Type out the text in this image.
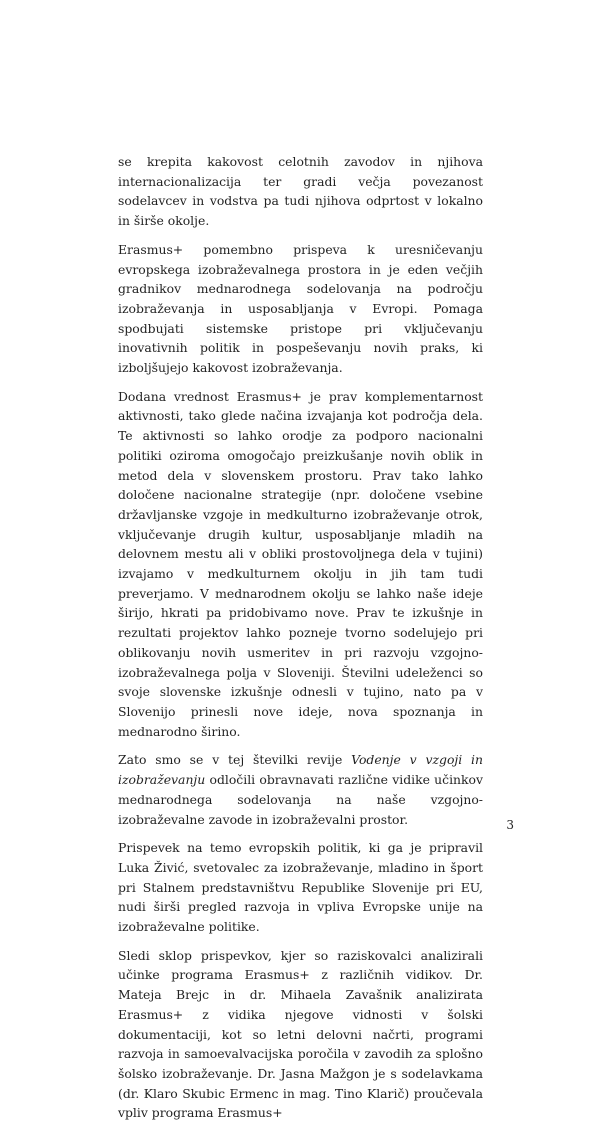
se krepita kakovost celotnih zavodov in njihova internacionalizacija ter gradi večja povezanost sodelavcev in vodstva pa tudi njihova odprtost v lokalno in širše okolje.

Erasmus+ pomembno prispeva k uresničevanju evropskega izobraževalnega prostora in je eden večjih gradnikov mednarodnega sodelovanja na področju izobraževanja in usposabljanja v Evropi. Pomaga spodbujati sistemske pristope pri vključevanju inovativnih politik in pospeševanju novih praks, ki izboljšujejo kakovost izobraževanja.

Dodana vrednost Erasmus+ je prav komplementarnost aktivnosti, tako glede načina izvajanja kot področja dela. Te aktivnosti so lahko orodje za podporo nacionalni politiki oziroma omogočajo preizkušanje novih oblik in metod dela v slovenskem prostoru. Prav tako lahko določene nacionalne strategije (npr. določene vsebine državljanske vzgoje in medkulturno izobraževanje otrok, vključevanje drugih kultur, usposabljanje mladih na delovnem mestu ali v obliki prostovoljnega dela v tujini) izvajamo v medkulturnem okolju in jih tam tudi preverjamo. V mednarodnem okolju se lahko naše ideje širijo, hkrati pa pridobivamo nove. Prav te izkušnje in rezultati projektov lahko pozneje tvorno sodelujejo pri oblikovanju novih usmeritev in pri razvoju vzgojno-izobraževalnega polja v Sloveniji. Številni udeleženci so svoje slovenske izkušnje odnesli v tujino, nato pa v Slovenijo prinesli nove ideje, nova spoznanja in mednarodno širino.

Zato smo se v tej številki revije Vodenje v vzgoji in izobraževanju odločili obravnavati različne vidike učinkov mednarodnega sodelovanja na naše vzgojno-izobraževalne zavode in izobraževalni prostor.

Prispevek na temo evropskih politik, ki ga je pripravil Luka Živić, svetovalec za izobraževanje, mladino in šport pri Stalnem predstavništvu Republike Slovenije pri EU, nudi širši pregled razvoja in vpliva Evropske unije na izobraževalne politike.

Sledi sklop prispevkov, kjer so raziskovalci analizirali učinke programa Erasmus+ z različnih vidikov. Dr. Mateja Brejc in dr. Mihaela Zavašnik analizirata Erasmus+ z vidika njegove vidnosti v šolski dokumentaciji, kot so letni delovni načrti, programi razvoja in samoevalvacijska poročila v zavodih za splošno šolsko izobraževanje. Dr. Jasna Mažgon je s sodelavkama (dr. Klaro Skubic Ermenc in mag. Tino Klarič) proučevala vpliv programa Erasmus+

3
